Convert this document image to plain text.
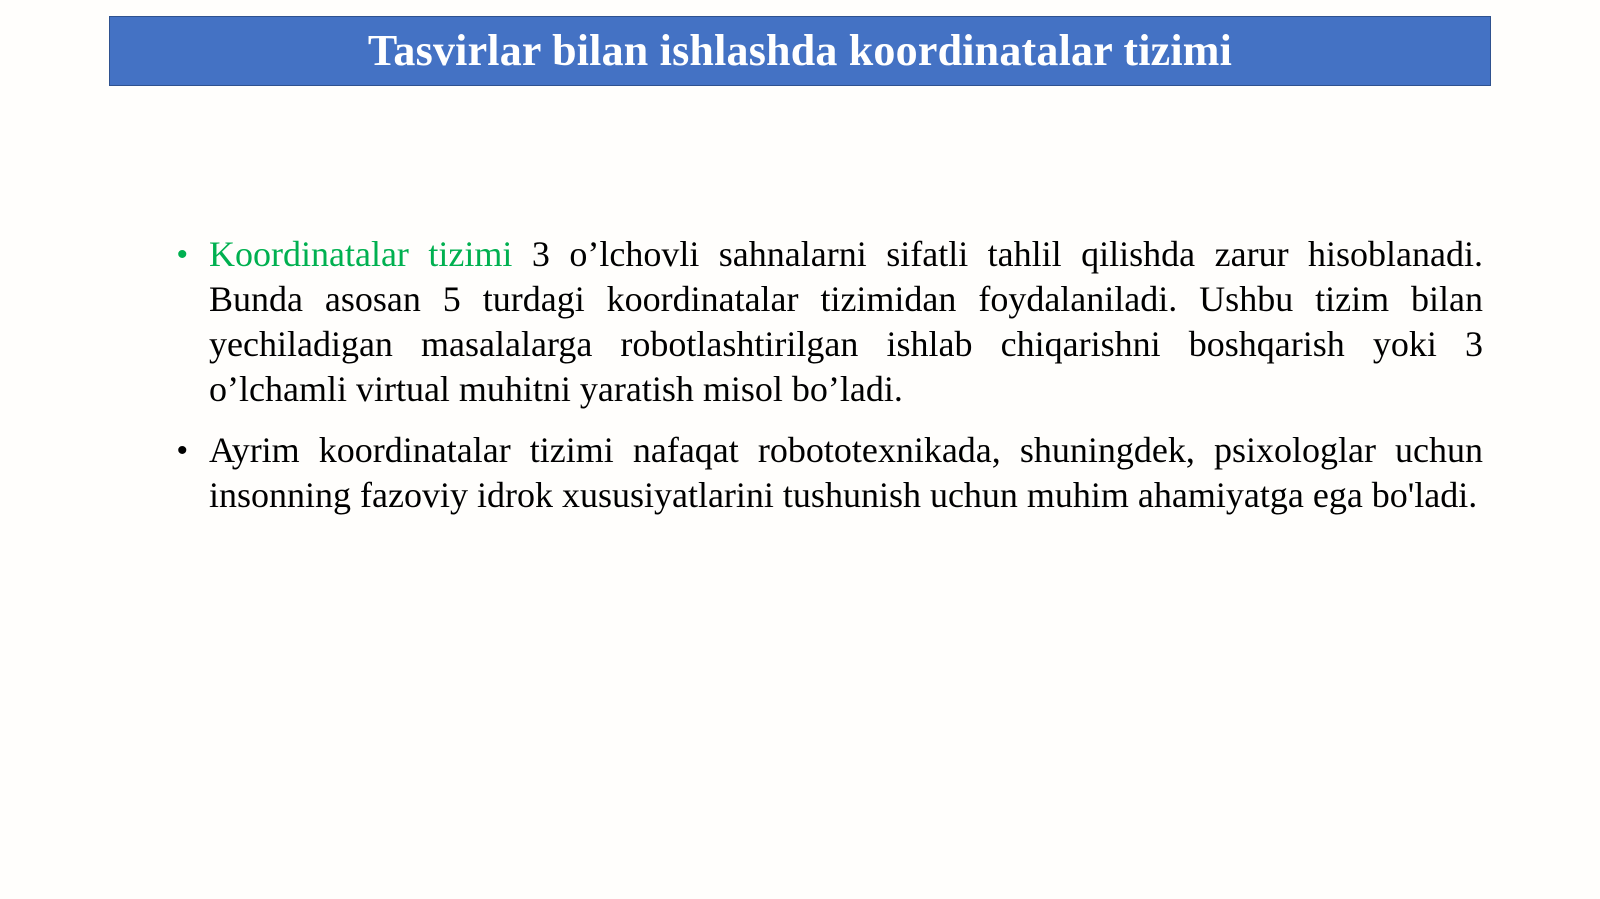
Tasvirlar bilan ishlashda koordinatalar tizimi
• Koordinatalar tizimi 3 o’lchovli sahnalarni sifatli tahlil qilishda zarur hisoblanadi. Bunda asosan 5 turdagi koordinatalar tizimidan foydalaniladi. Ushbu tizim bilan yechiladigan masalalarga robotlashtirilgan ishlab chiqarishni boshqarish yoki 3 o’lchamli virtual muhitni yaratish misol bo’ladi.
• Ayrim koordinatalar tizimi nafaqat robototexnikada, shuningdek, psixologlar uchun insonning fazoviy idrok xususiyatlarini tushunish uchun muhim ahamiyatga ega bo'ladi.
